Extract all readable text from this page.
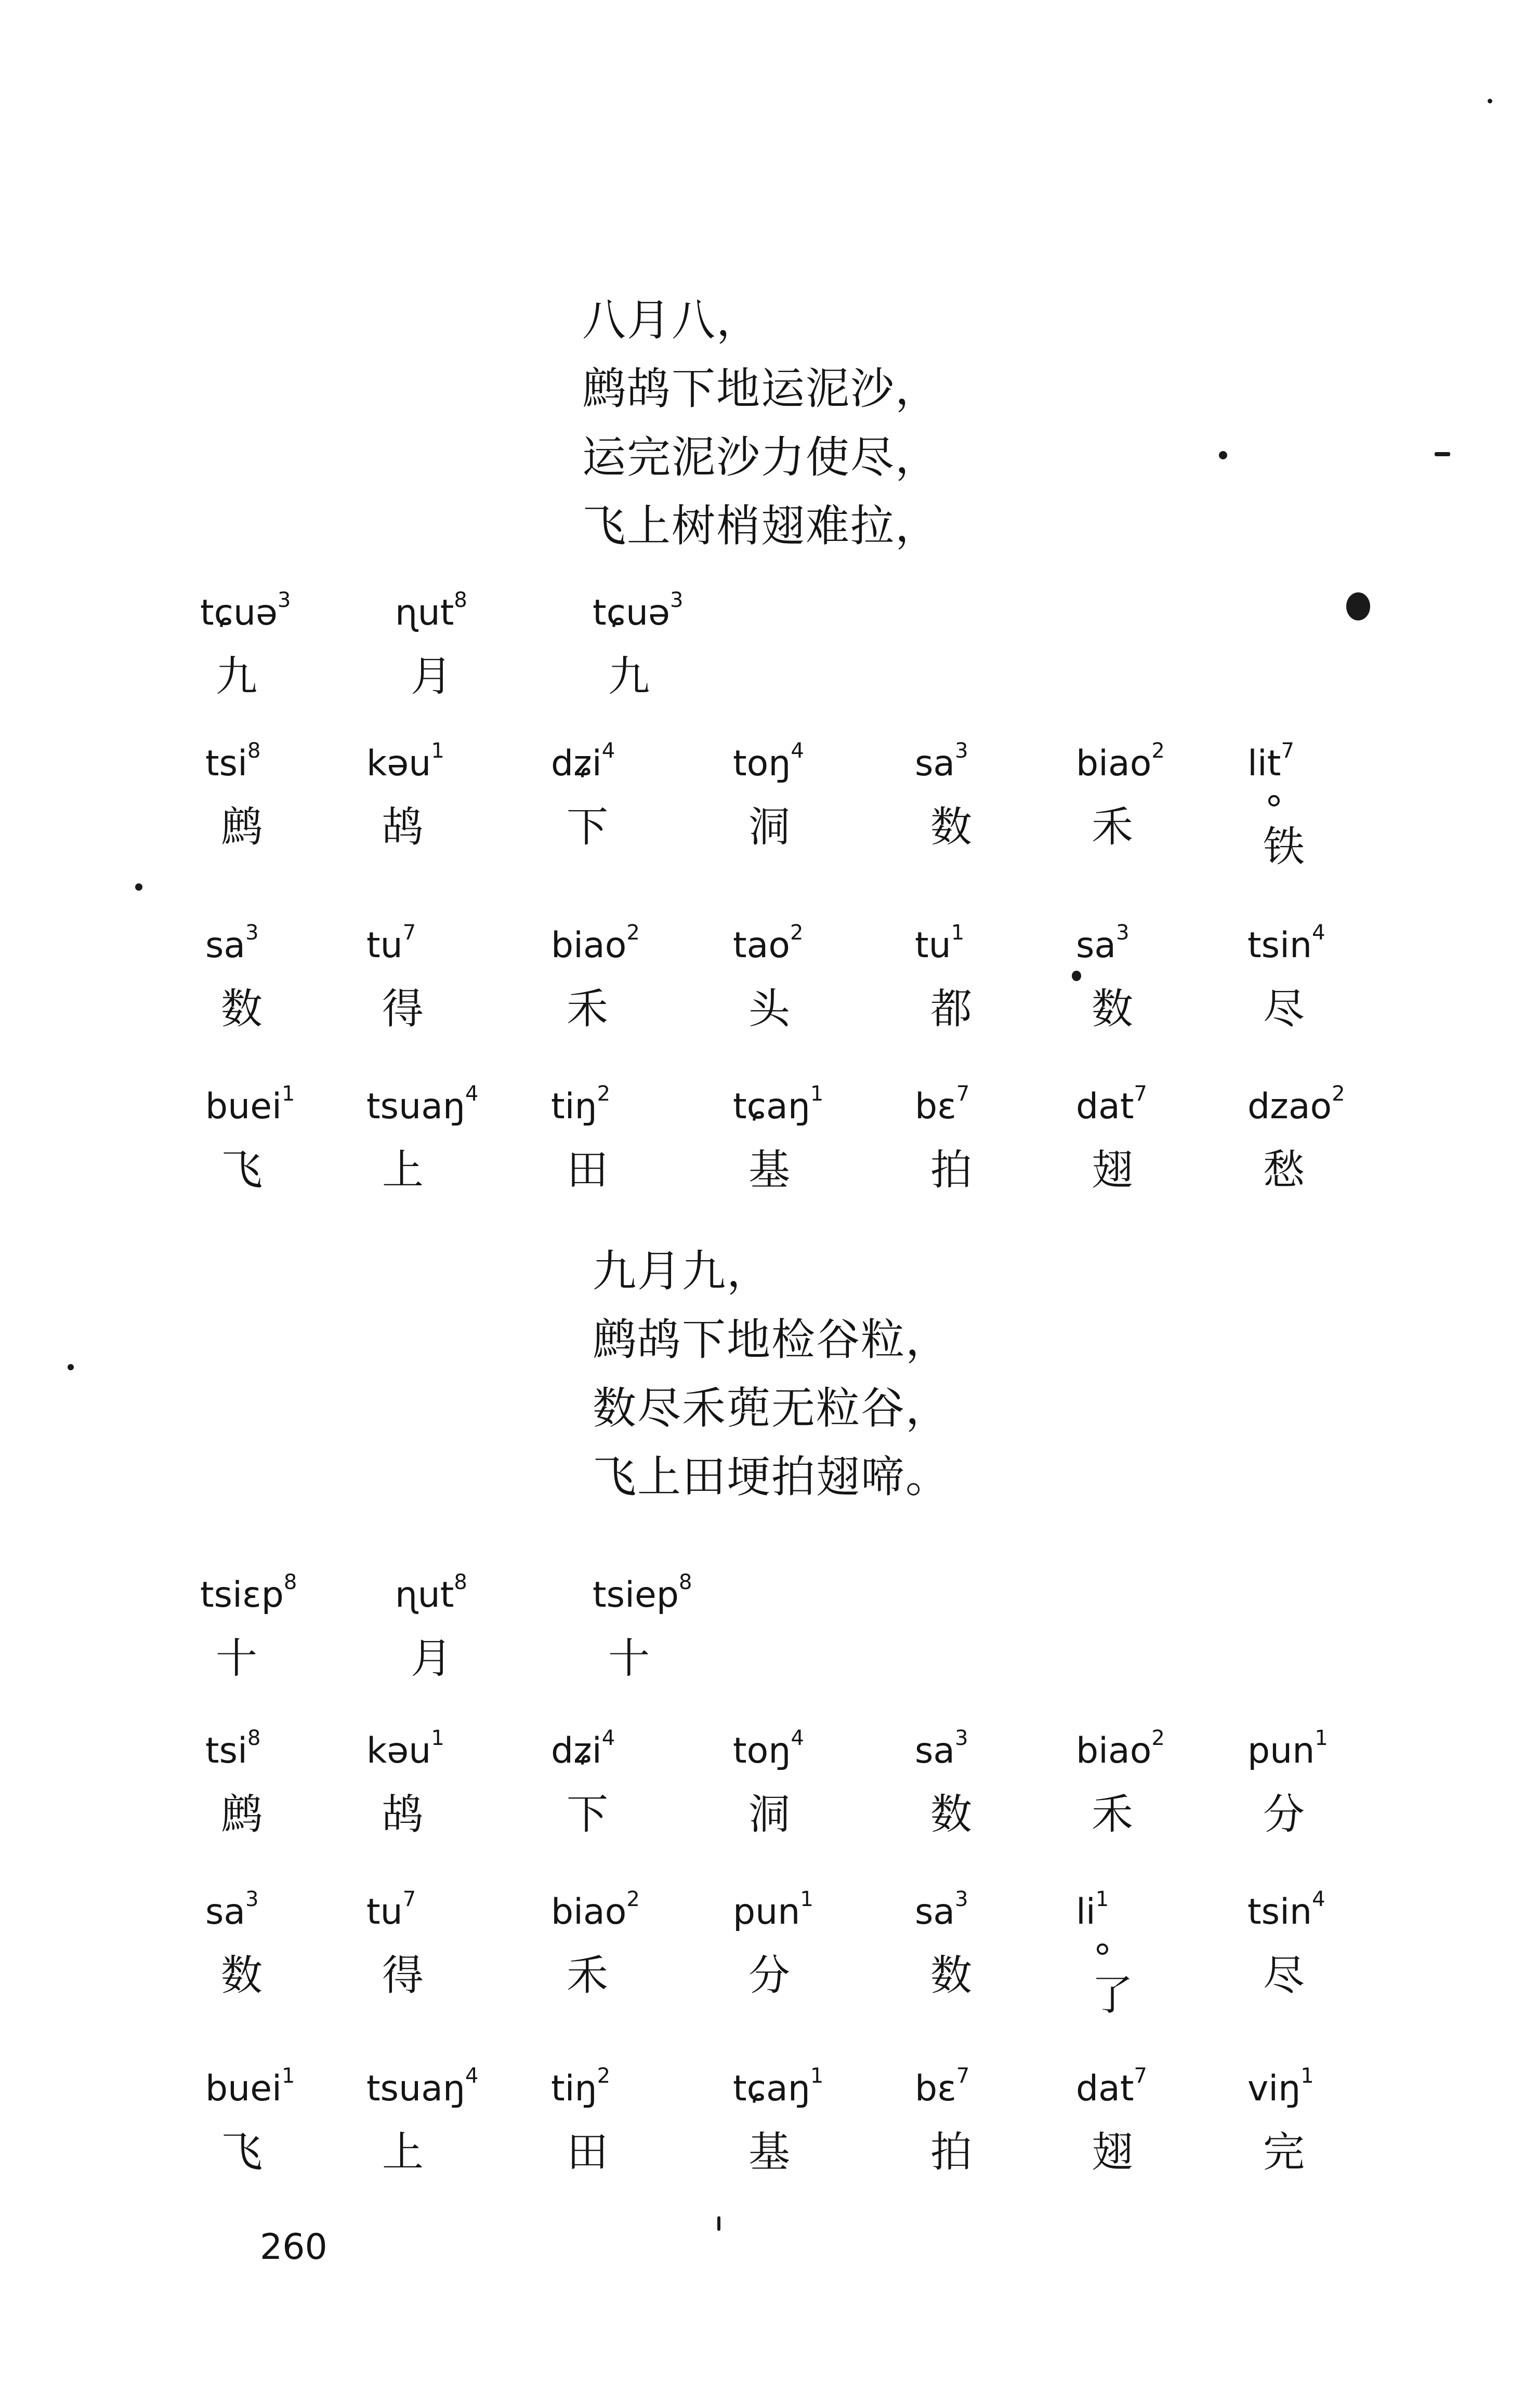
八月八，
鹧鸪下地运泥沙，
运完泥沙力使尽，
飞上树梢翅难拉，
tɕuə$^3$
九
ɳut$^8$
月
tɕuə$^3$
九
tsi$^8$
鹧
kəu$^1$
鸪
dʑi$^4$
下
toŋ$^4$
洞
$sa^3$
数
biao$^2$
禾
lit$^7$
铁
$sa^3$
数
$tu^7$
得
biao$^2$
禾
tao$^2$
头
$tu^1$
都
$sa^3$
数
tsin$^4$
尽
buei$^1$
飞
tsuaŋ$^4$
上
tiŋ$^2$
田
tɕaŋ$^1$
基
bɛ$^7$
拍
dat$^7$
翅
dzao$^2$
愁
九月九，
鹧鸪下地检谷粒，
数尽禾蔸无粒谷，
飞上田埂拍翅啼。
tsiɛp$^8$
十
ɳut$^8$
月
tsiep$^8$
十
tsi$^8$
鹧
kəu$^1$
鸪
dʑi$^4$
下
toŋ$^4$
洞
$sa^3$
数
biao$^2$
禾
pun$^1$
分
$sa^3$
数
$tu^7$
得
biao$^2$
禾
pun$^1$
分
$sa^3$
数
$li^1$
了
tsin$^4$
尽
buei$^1$
飞
tsuaŋ$^4$
上
tiŋ$^2$
田
tɕaŋ$^1$
基
bɛ$^7$
拍
dat$^7$
翅
viŋ$^1$
完
260
